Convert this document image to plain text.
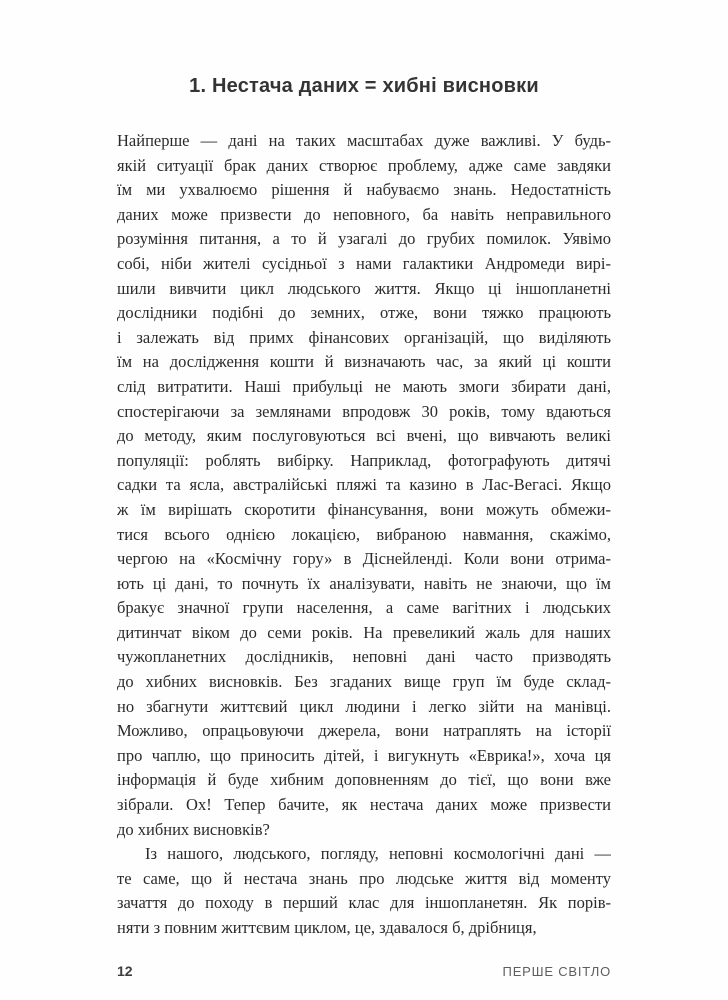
1. Нестача даних = хибні висновки
Найперше — дані на таких масштабах дуже важливі. У будь-
якій ситуації брак даних створює проблему, адже саме завдяки
їм ми ухвалюємо рішення й набуваємо знань. Недостатність
даних може призвести до неповного, ба навіть неправильного
розуміння питання, а то й узагалі до грубих помилок. Уявімо
собі, ніби жителі сусідньої з нами галактики Андромеди вирі-
шили вивчити цикл людського життя. Якщо ці іншопланетні
дослідники подібні до земних, отже, вони тяжко працюють
і залежать від примх фінансових організацій, що виділяють
їм на дослідження кошти й визначають час, за який ці кошти
слід витратити. Наші прибульці не мають змоги збирати дані,
спостерігаючи за землянами впродовж 30 років, тому вдаються
до методу, яким послуговуються всі вчені, що вивчають великі
популяції: роблять вибірку. Наприклад, фотографують дитячі
садки та ясла, австралійські пляжі та казино в Лас-Вегасі. Якщо
ж їм вирішать скоротити фінансування, вони можуть обмежи-
тися всього однією локацією, вибраною навмання, скажімо,
чергою на «Космічну гору» в Діснейленді. Коли вони отрима-
ють ці дані, то почнуть їх аналізувати, навіть не знаючи, що їм
бракує значної групи населення, а саме вагітних і людських
дитинчат віком до семи років. На превеликий жаль для наших
чужопланетних дослідників, неповні дані часто призводять
до хибних висновків. Без згаданих вище груп їм буде склад-
но збагнути життєвий цикл людини і легко зійти на манівці.
Можливо, опрацьовуючи джерела, вони натраплять на історії
про чаплю, що приносить дітей, і вигукнуть «Еврика!», хоча ця
інформація й буде хибним доповненням до тієї, що вони вже
зібрали. Ох! Тепер бачите, як нестача даних може призвести
до хибних висновків?
Із нашого, людського, погляду, неповні космологічні дані —
те саме, що й нестача знань про людське життя від моменту
зачаття до походу в перший клас для іншопланетян. Як порів-
няти з повним життєвим циклом, це, здавалося б, дрібниця,
12	ПЕРШЕ СВІТЛО
